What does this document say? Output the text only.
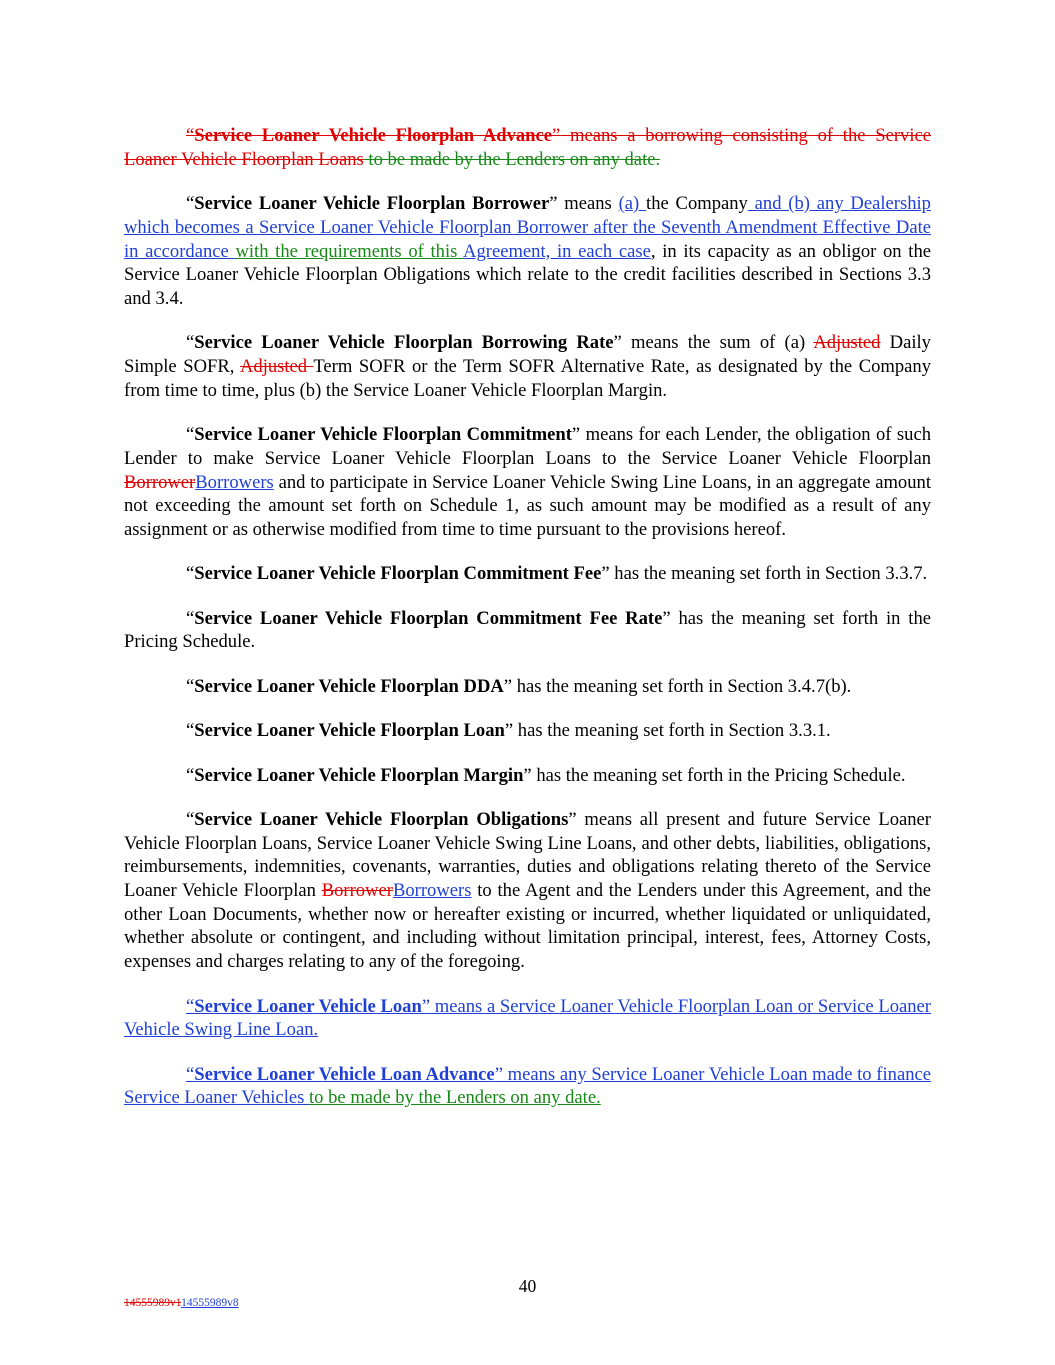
“Service Loaner Vehicle Floorplan Advance” means a borrowing consisting of the Service Loaner Vehicle Floorplan Loans to be made by the Lenders on any date.

“Service Loaner Vehicle Floorplan Borrower” means (a) the Company and (b) any Dealership which becomes a Service Loaner Vehicle Floorplan Borrower after the Seventh Amendment Effective Date in accordance with the requirements of this Agreement, in each case, in its capacity as an obligor on the Service Loaner Vehicle Floorplan Obligations which relate to the credit facilities described in Sections 3.3 and 3.4.

“Service Loaner Vehicle Floorplan Borrowing Rate” means the sum of (a) Adjusted Daily Simple SOFR, Adjusted Term SOFR or the Term SOFR Alternative Rate, as designated by the Company from time to time, plus (b) the Service Loaner Vehicle Floorplan Margin.

“Service Loaner Vehicle Floorplan Commitment” means for each Lender, the obligation of such Lender to make Service Loaner Vehicle Floorplan Loans to the Service Loaner Vehicle Floorplan BorrowerBorrowers and to participate in Service Loaner Vehicle Swing Line Loans, in an aggregate amount not exceeding the amount set forth on Schedule 1, as such amount may be modified as a result of any assignment or as otherwise modified from time to time pursuant to the provisions hereof.

“Service Loaner Vehicle Floorplan Commitment Fee” has the meaning set forth in Section 3.3.7.

“Service Loaner Vehicle Floorplan Commitment Fee Rate” has the meaning set forth in the Pricing Schedule.

“Service Loaner Vehicle Floorplan DDA” has the meaning set forth in Section 3.4.7(b).

“Service Loaner Vehicle Floorplan Loan” has the meaning set forth in Section 3.3.1.

“Service Loaner Vehicle Floorplan Margin” has the meaning set forth in the Pricing Schedule.

“Service Loaner Vehicle Floorplan Obligations” means all present and future Service Loaner Vehicle Floorplan Loans, Service Loaner Vehicle Swing Line Loans, and other debts, liabilities, obligations, reimbursements, indemnities, covenants, warranties, duties and obligations relating thereto of the Service Loaner Vehicle Floorplan BorrowerBorrowers to the Agent and the Lenders under this Agreement, and the other Loan Documents, whether now or hereafter existing or incurred, whether liquidated or unliquidated, whether absolute or contingent, and including without limitation principal, interest, fees, Attorney Costs, expenses and charges relating to any of the foregoing.

“Service Loaner Vehicle Loan” means a Service Loaner Vehicle Floorplan Loan or Service Loaner Vehicle Swing Line Loan.

“Service Loaner Vehicle Loan Advance” means any Service Loaner Vehicle Loan made to finance Service Loaner Vehicles to be made by the Lenders on any date.

40
14555989v114555989v8
